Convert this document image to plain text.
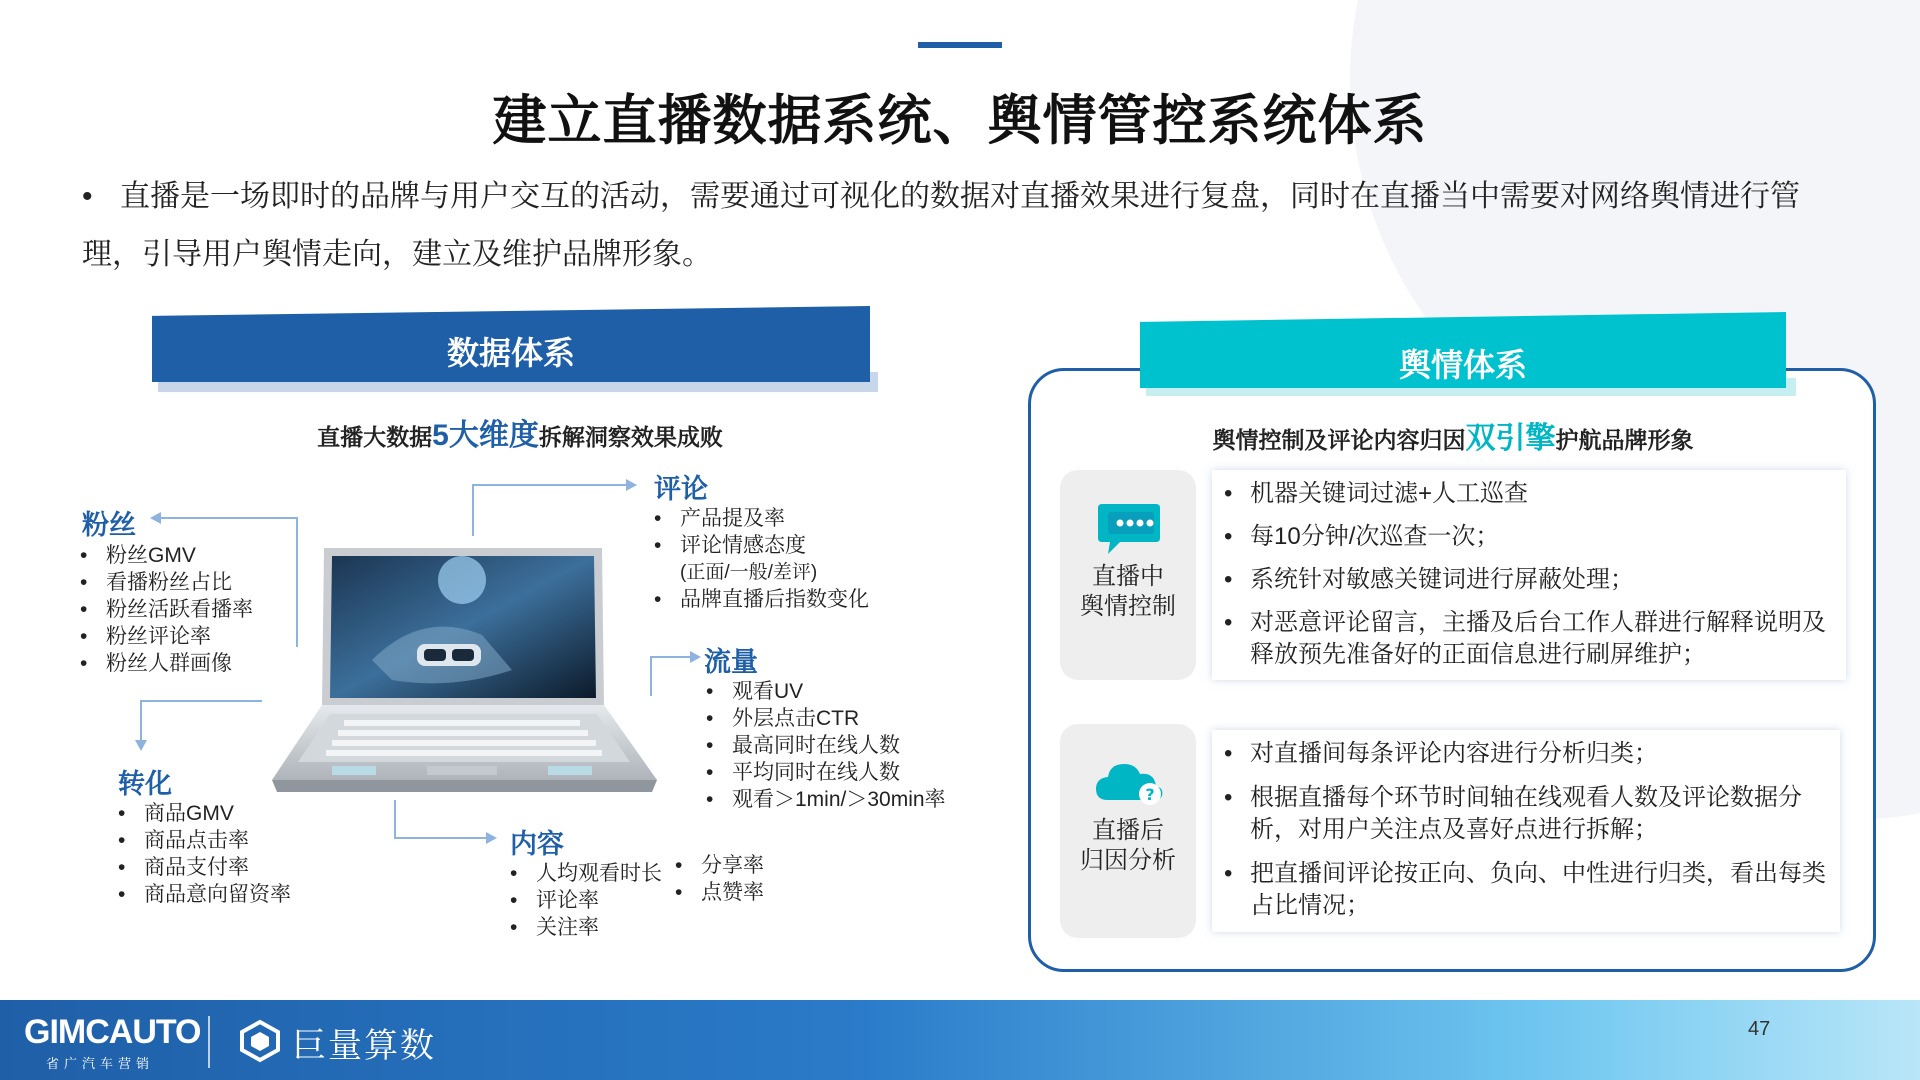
建立直播数据系统、舆情管控系统体系
• 直播是一场即时的品牌与用户交互的活动，需要通过可视化的数据对直播效果进行复盘，同时在直播当中需要对网络舆情进行管理，引导用户舆情走向，建立及维护品牌形象。
数据体系
直播大数据5大维度拆解洞察效果成败
粉丝
• 粉丝GMV
• 看播粉丝占比
• 粉丝活跃看播率
• 粉丝评论率
• 粉丝人群画像
评论
• 产品提及率
• 评论情感态度
(正面/一般/差评)
• 品牌直播后指数变化
流量
• 观看UV
• 外层点击CTR
• 最高同时在线人数
• 平均同时在线人数
• 观看＞1min/＞30min率
转化
• 商品GMV
• 商品点击率
• 商品支付率
• 商品意向留资率
内容
• 人均观看时长
• 评论率
• 关注率
• 分享率
• 点赞率
舆情体系
舆情控制及评论内容归因双引擎护航品牌形象
直播中
舆情控制
• 机器关键词过滤+人工巡查
• 每10分钟/次巡查一次；
• 系统针对敏感关键词进行屏蔽处理；
• 对恶意评论留言，主播及后台工作人群进行解释说明及释放预先准备好的正面信息进行刷屏维护；
?
直播后
归因分析
• 对直播间每条评论内容进行分析归类；
• 根据直播每个环节时间轴在线观看人数及评论数据分析，对用户关注点及喜好点进行拆解；
• 把直播间评论按正向、负向、中性进行归类，看出每类占比情况；
GIMCAUTO
省广汽车营销	巨量算数	47
